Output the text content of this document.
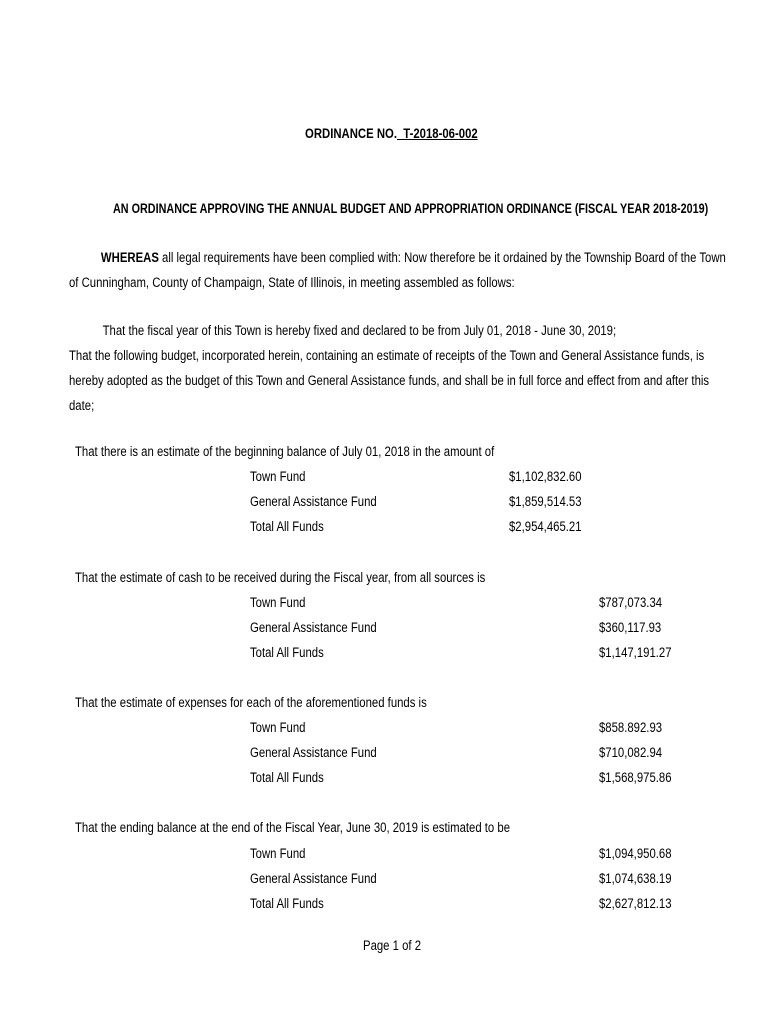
ORDINANCE NO.  T-2018-06-002
AN ORDINANCE APPROVING THE ANNUAL BUDGET AND APPROPRIATION ORDINANCE (FISCAL YEAR 2018-2019)
WHEREAS all legal requirements have been complied with: Now therefore be it ordained by the Township Board of the Town
of Cunningham, County of Champaign, State of Illinois, in meeting assembled as follows:
That the fiscal year of this Town is hereby fixed and declared to be from July 01, 2018 - June 30, 2019;
That the following budget, incorporated herein, containing an estimate of receipts of the Town and General Assistance funds, is
hereby adopted as the budget of this Town and General Assistance funds, and shall be in full force and effect from and after this
date;
That there is an estimate of the beginning balance of July 01, 2018 in the amount of
Town Fund	$1,102,832.60
General Assistance Fund	$1,859,514.53
Total All Funds	$2,954,465.21
That the estimate of cash to be received during the Fiscal year, from all sources is
Town Fund	$787,073.34
General Assistance Fund	$360,117.93
Total All Funds	$1,147,191.27
That the estimate of expenses for each of the aforementioned funds is
Town Fund	$858.892.93
General Assistance Fund	$710,082.94
Total All Funds	$1,568,975.86
That the ending balance at the end of the Fiscal Year, June 30, 2019 is estimated to be
Town Fund	$1,094,950.68
General Assistance Fund	$1,074,638.19
Total All Funds	$2,627,812.13
Page 1 of 2
